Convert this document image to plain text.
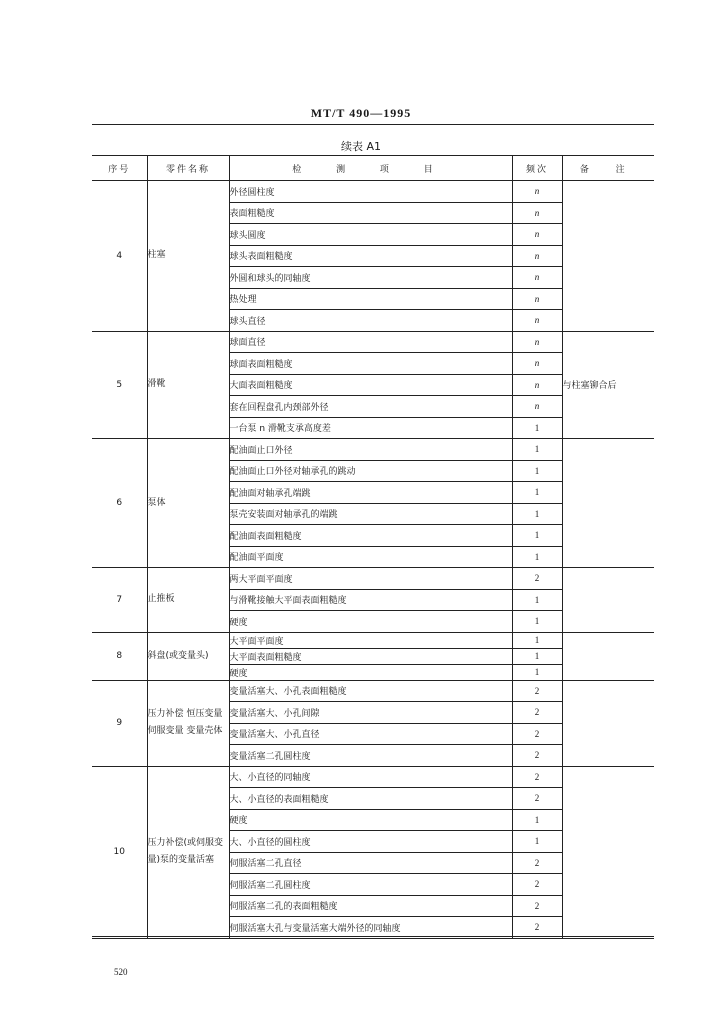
MT/T 490—1995
续表 A1
序号	零件名称	检 测 项 目	频次	备 注
4	柱塞	外径圆柱度	n	
		表面粗糙度	n	
		球头圆度	n	
		球头表面粗糙度	n	
		外圆和球头的同轴度	n	
		热处理	n	
		球头直径	n	
5	滑靴	球面直径	n	与柱塞铆合后
		球面表面粗糙度	n	
		大面表面粗糙度	n	
		套在回程盘孔内颈部外径	n	
		一台泵 n 滑靴支承高度差	1	
6	泵体	配油面止口外径	1	
		配油面止口外径对轴承孔的跳动	1	
		配油面对轴承孔端跳	1	
		泵壳安装面对轴承孔的端跳	1	
		配油面表面粗糙度	1	
		配油面平面度	1	
7	止推板	两大平面平面度	2	
		与滑靴接触大平面表面粗糙度	1	
		硬度	1	
8	斜盘(或变量头)	大平面平面度	1	
		大平面表面粗糙度	1	
		硬度	1	
9	压力补偿 恒压变量 伺服变量 变量壳体	变量活塞大、小孔表面粗糙度	2	
		变量活塞大、小孔间隙	2	
		变量活塞大、小孔直径	2	
		变量活塞二孔圆柱度	2	
10	压力补偿(或伺服变量)泵的变量活塞	大、小直径的同轴度	2	
		大、小直径的表面粗糙度	2	
		硬度	1	
		大、小直径的圆柱度	1	
		伺服活塞二孔直径	2	
		伺服活塞二孔圆柱度	2	
		伺服活塞二孔的表面粗糙度	2	
		伺服活塞大孔与变量活塞大端外径的同轴度	2	
520
